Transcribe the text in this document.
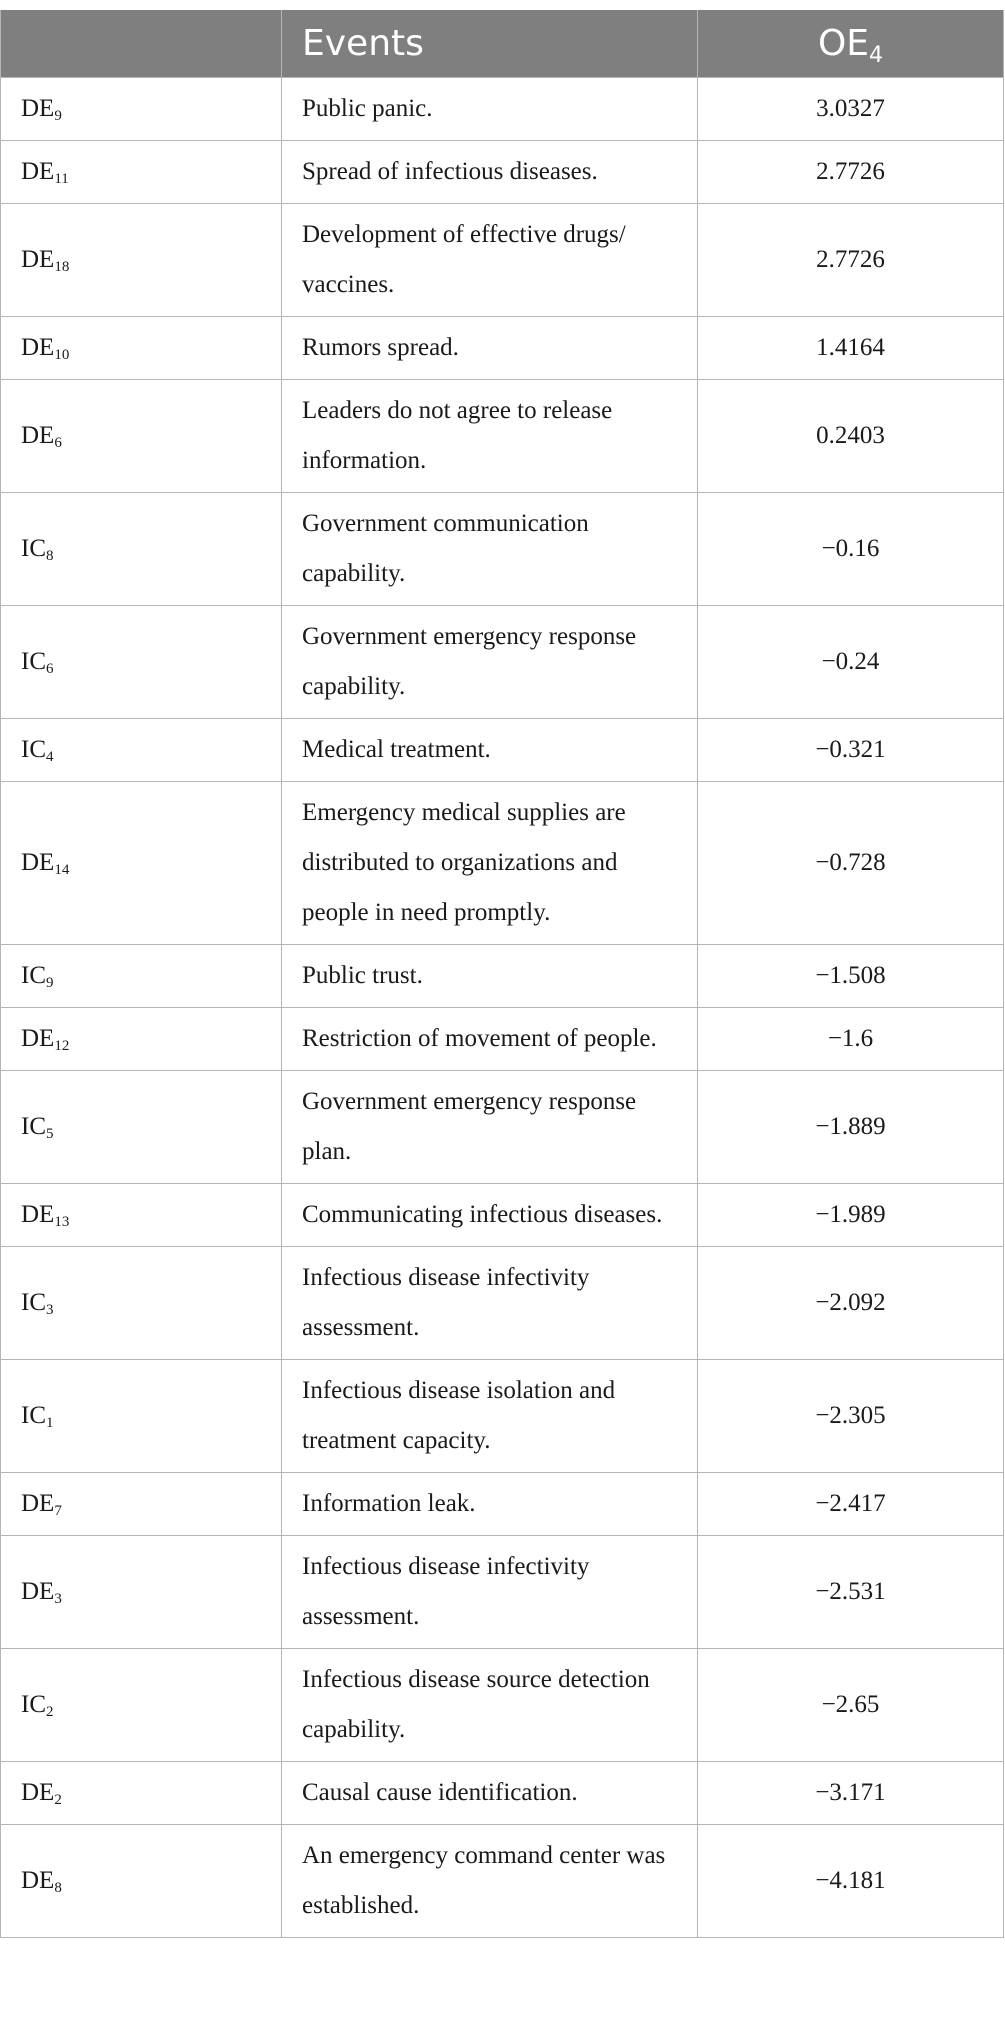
	Events	$OE_4$
$DE_9$	Public panic.	3.0327
$DE_{11}$	Spread of infectious diseases.	2.7726
$DE_{18}$	Development of effective drugs/ vaccines.	2.7726
$DE_{10}$	Rumors spread.	1.4164
$DE_6$	Leaders do not agree to release information.	0.2403
$IC_8$	Government communication capability.	−0.16
$IC_6$	Government emergency response capability.	−0.24
$IC_4$	Medical treatment.	−0.321
$DE_{14}$	Emergency medical supplies are distributed to organizations and people in need promptly.	−0.728
$IC_9$	Public trust.	−1.508
$DE_{12}$	Restriction of movement of people.	−1.6
$IC_5$	Government emergency response plan.	−1.889
$DE_{13}$	Communicating infectious diseases.	−1.989
$IC_3$	Infectious disease infectivity assessment.	−2.092
$IC_1$	Infectious disease isolation and treatment capacity.	−2.305
$DE_7$	Information leak.	−2.417
$DE_3$	Infectious disease infectivity assessment.	−2.531
$IC_2$	Infectious disease source detection capability.	−2.65
$DE_2$	Causal cause identification.	−3.171
$DE_8$	An emergency command center was established.	−4.181
